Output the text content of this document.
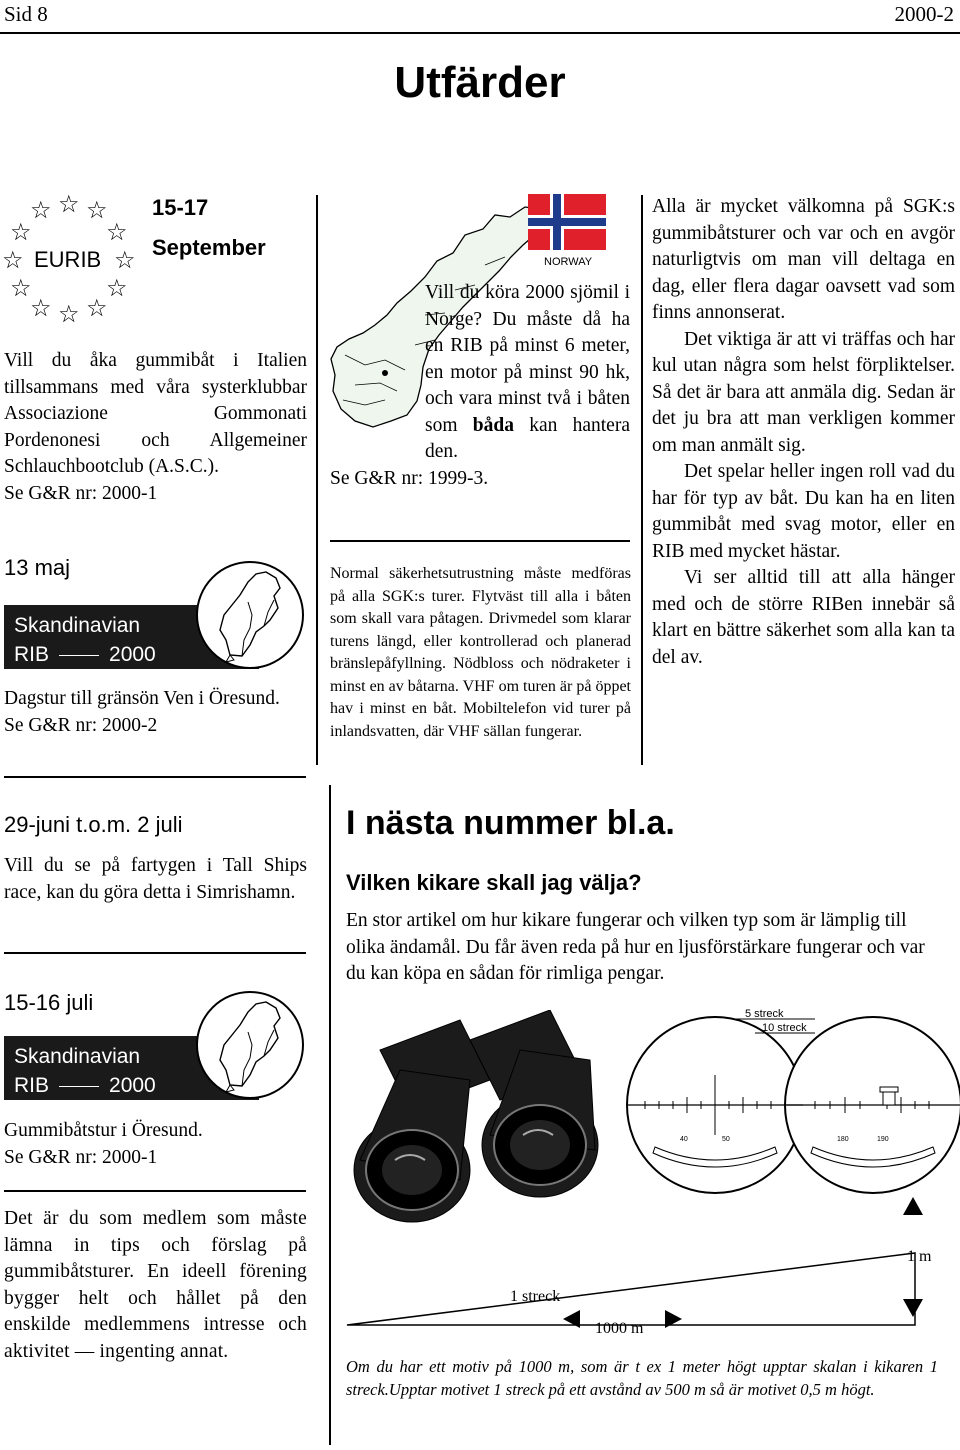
Sid 8	2000-2
Utfärder
☆ ☆ ☆
☆	☆
☆	☆
☆	☆
☆ ☆ ☆
EURIB
15-17
September
Vill du åka gummibåt i Italien tillsammans med våra systerklubbar Associazione Gommonati Pordenonesi och Allgemeiner Schlauchbootclub (A.S.C.).
Se G&R nr: 2000-1
13 maj
Skandinavian
RIB	2000
Dagstur till gränsön Ven i Öresund.
Se G&R nr: 2000-2
29-juni t.o.m. 2 juli
Vill du se på fartygen i Tall Ships race, kan du göra detta i Simrishamn.
15-16 juli
Skandinavian
RIB	2000
Gummibåtstur i Öresund.
Se G&R nr: 2000-1
Det är du som medlem som måste lämna in tips och förslag på gummibåtsturer. En ideell förening bygger helt och hållet på den enskilde medlemmens intresse och aktivitet — ingenting annat.
NORWAY
Vill du köra 2000 sjömil i Norge? Du måste då ha en RIB på minst 6 meter, en motor på minst 90 hk, och vara minst två i båten som båda kan hantera den.
Se G&R nr: 1999-3.
Normal säkerhetsutrustning måste medföras på alla SGK:s turer. Flytväst till alla i båten som skall vara påtagen. Drivmedel som klarar turens längd, eller kontrollerad och planerad bränslepåfyllning. Nödbloss och nödraketer i minst en av båtarna. VHF om turen är på öppet hav i minst en båt. Mobiltelefon vid turer på inlandsvatten, där VHF sällan fungerar.

Alla är mycket välkomna på SGK:s gummibåtsturer och var och en avgör naturligtvis om man vill deltaga en dag, eller flera dagar oavsett vad som finns annonserat.

Det viktiga är att vi träffas och har kul utan några som helst förpliktelser. Så det är bara att anmäla dig. Sedan är det ju bra att man verkligen kommer om man anmält sig.

Det spelar heller ingen roll vad du har för typ av båt. Du kan ha en liten gummibåt med svag motor, eller en RIB med mycket hästar.

Vi ser alltid till att alla hänger med och de större RIBen innebär så klart en bättre säkerhet som alla kan ta del av.

I nästa nummer bl.a.
Vilken kikare skall jag välja?
En stor artikel om hur kikare fungerar och vilken typ som är lämplig till olika ändamål. Du får även reda på hur en ljusförstärkare fungerar och var du kan köpa en sådan för rimliga pengar.
40	50	180	190
5 streck
10 streck
1 streck
1000 m
1 m
Om du har ett motiv på 1000 m, som är t ex 1 meter högt upptar skalan i kikaren 1 streck.Upptar motivet 1 streck på ett avstånd av 500 m så är motivet 0,5 m högt.
